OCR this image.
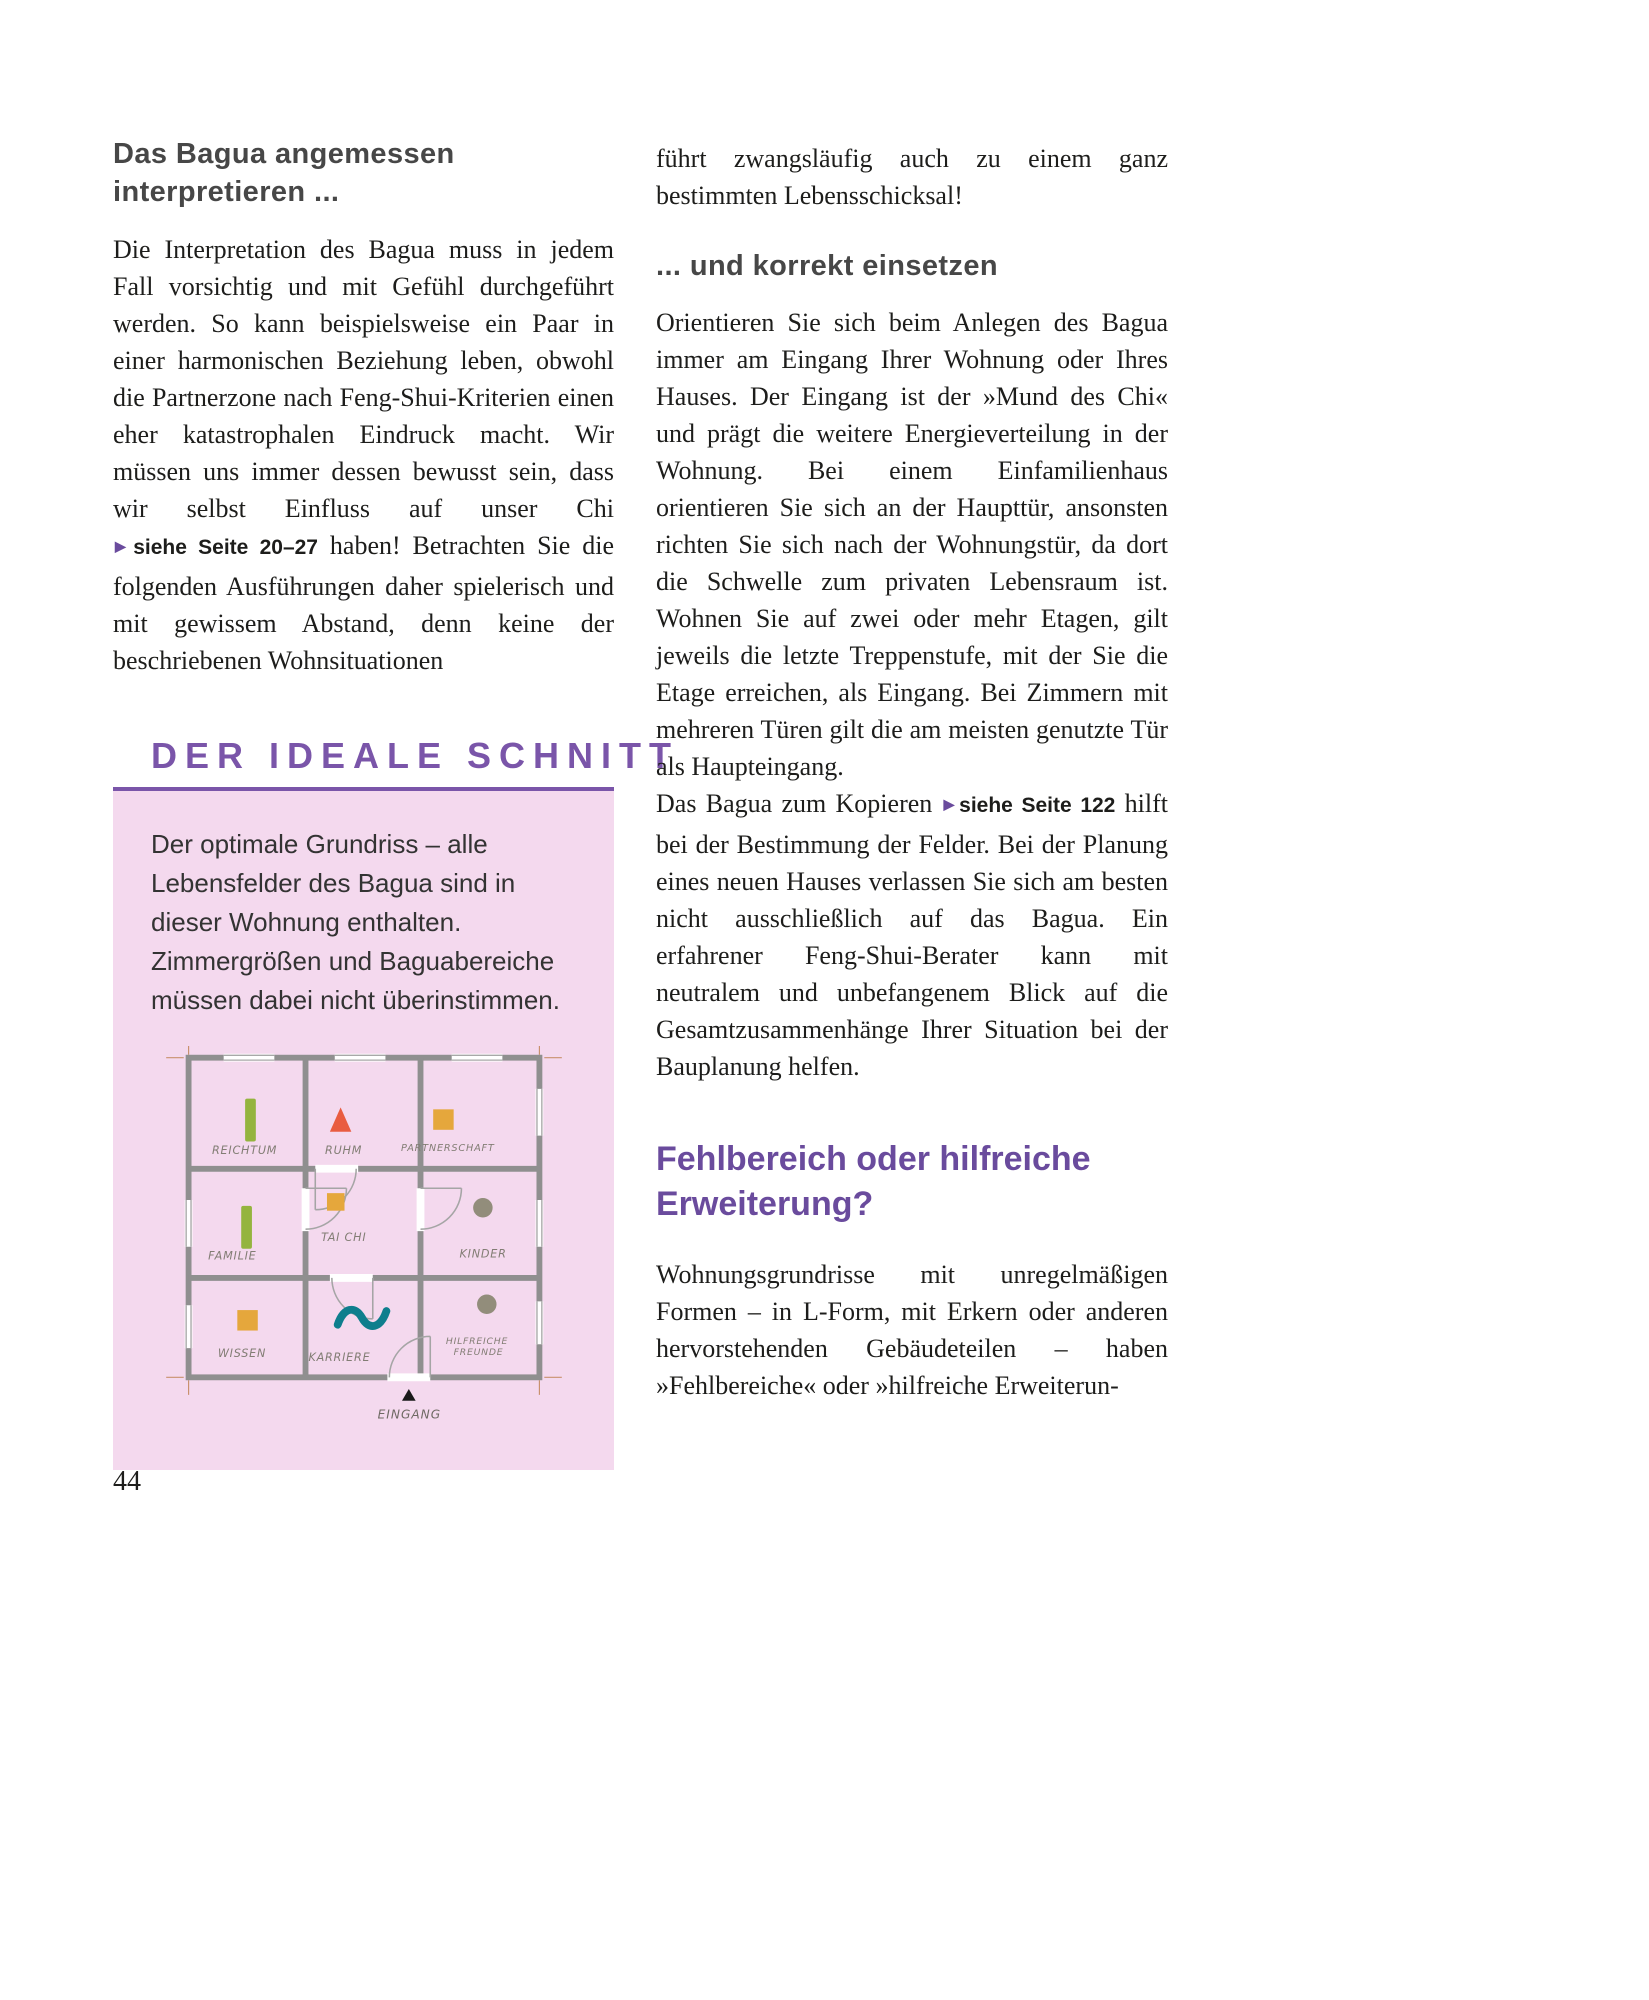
Das Bagua angemessen interpretieren ...

Die Interpretation des Bagua muss in jedem Fall vorsichtig und mit Gefühl durchgeführt werden. So kann beispielsweise ein Paar in einer harmonischen Beziehung leben, obwohl die Partnerzone nach Feng-Shui-Kriterien einen eher katastrophalen Eindruck macht. Wir müssen uns immer dessen bewusst sein, dass wir selbst Einfluss auf unser Chi ▶siehe Seite 20–27 haben! Betrachten Sie die folgenden Ausführungen daher spielerisch und mit gewissem Abstand, denn keine der beschriebenen Wohnsituationen

DER IDEALE SCHNITT

Der optimale Grundriss – alle Lebensfelder des Bagua sind in dieser Wohnung enthalten. Zimmergrößen und Baguabereiche müssen dabei nicht überinstimmen.

REICHTUM	RUHM	PARTNERSCHAFT
FAMILIE
TAI CHI
KINDER
WISSEN	KARRIERE
HILFREICHE
FREUNDE
EINGANG

führt zwangsläufig auch zu einem ganz bestimmten Lebensschicksal!

... und korrekt einsetzen

Orientieren Sie sich beim Anlegen des Bagua immer am Eingang Ihrer Wohnung oder Ihres Hauses. Der Eingang ist der »Mund des Chi« und prägt die weitere Energieverteilung in der Wohnung. Bei einem Einfamilienhaus orientieren Sie sich an der Haupttür, ansonsten richten Sie sich nach der Wohnungstür, da dort die Schwelle zum privaten Lebensraum ist. Wohnen Sie auf zwei oder mehr Etagen, gilt jeweils die letzte Treppenstufe, mit der Sie die Etage erreichen, als Eingang. Bei Zimmern mit mehreren Türen gilt die am meisten genutzte Tür als Haupteingang.

Das Bagua zum Kopieren ▶siehe Seite 122 hilft bei der Bestimmung der Felder. Bei der Planung eines neuen Hauses verlassen Sie sich am besten nicht ausschließlich auf das Bagua. Ein erfahrener Feng-Shui-Berater kann mit neutralem und unbefangenem Blick auf die Gesamtzusammenhänge Ihrer Situation bei der Bauplanung helfen.

Fehlbereich oder hilfreiche Erweiterung?

Wohnungsgrundrisse mit unregelmäßigen Formen – in L-Form, mit Erkern oder anderen hervorstehenden Gebäudeteilen – haben »Fehlbereiche« oder »hilfreiche Erweiterun-

44
